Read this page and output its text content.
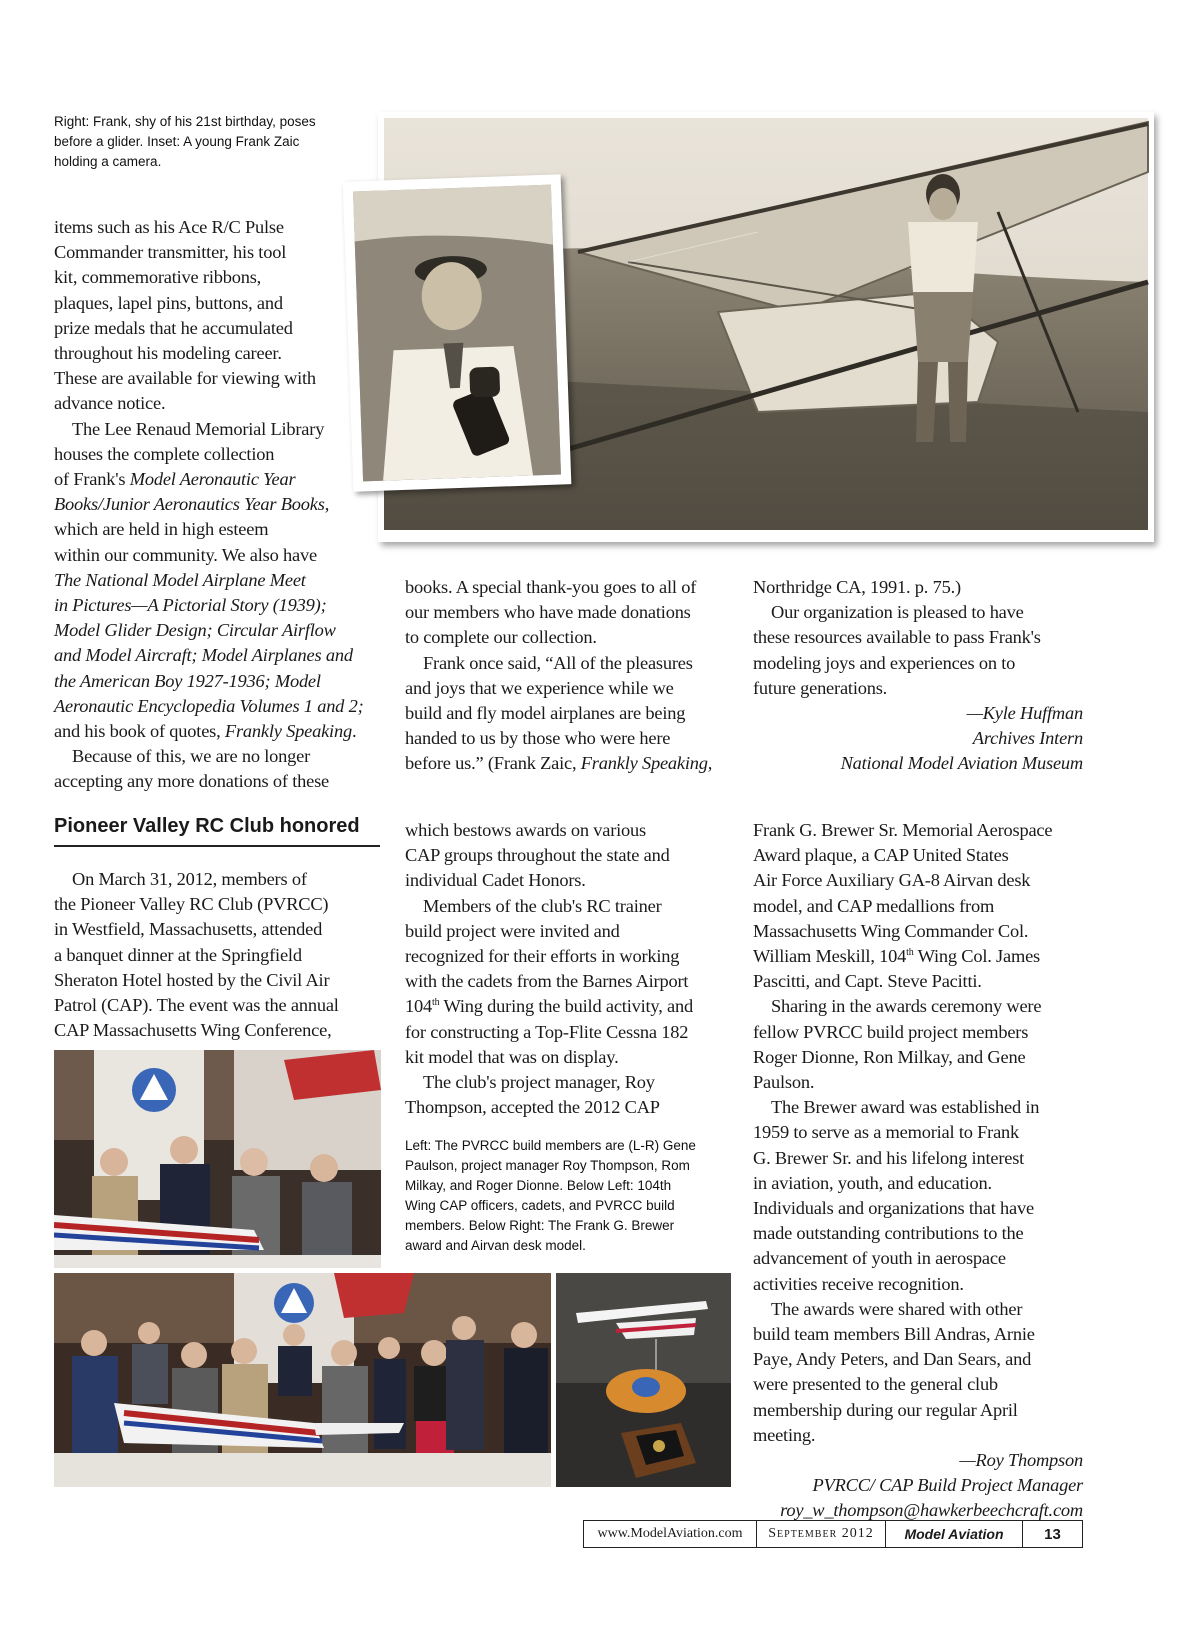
Right: Frank, shy of his 21st birthday, poses
before a glider. Inset: A young Frank Zaic
holding a camera.
items such as his Ace R/C Pulse
Commander transmitter, his tool
kit, commemorative ribbons,
plaques, lapel pins, buttons, and
prize medals that he accumulated
throughout his modeling career.
These are available for viewing with
advance notice.
The Lee Renaud Memorial Library
houses the complete collection
of Frank's Model Aeronautic Year
Books/Junior Aeronautics Year Books,
which are held in high esteem
within our community. We also have
The National Model Airplane Meet
in Pictures—A Pictorial Story (1939);
Model Glider Design; Circular Airflow
and Model Aircraft; Model Airplanes and
the American Boy 1927-1936; Model
Aeronautic Encyclopedia Volumes 1 and 2;
and his book of quotes, Frankly Speaking.
Because of this, we are no longer
accepting any more donations of these
books. A special thank-you goes to all of
our members who have made donations
to complete our collection.
Frank once said, “All of the pleasures
and joys that we experience while we
build and fly model airplanes are being
handed to us by those who were here
before us.” (Frank Zaic, Frankly Speaking,
Northridge CA, 1991. p. 75.)
Our organization is pleased to have
these resources available to pass Frank's
modeling joys and experiences on to
future generations.
—Kyle Huffman
Archives Intern
National Model Aviation Museum
Pioneer Valley RC Club honored
On March 31, 2012, members of
the Pioneer Valley RC Club (PVRCC)
in Westfield, Massachusetts, attended
a banquet dinner at the Springfield
Sheraton Hotel hosted by the Civil Air
Patrol (CAP). The event was the annual
CAP Massachusetts Wing Conference,
which bestows awards on various
CAP groups throughout the state and
individual Cadet Honors.
Members of the club's RC trainer
build project were invited and
recognized for their efforts in working
with the cadets from the Barnes Airport
104th Wing during the build activity, and
for constructing a Top-Flite Cessna 182
kit model that was on display.
The club's project manager, Roy
Thompson, accepted the 2012 CAP
Left: The PVRCC build members are (L-R) Gene
Paulson, project manager Roy Thompson, Rom
Milkay, and Roger Dionne. Below Left: 104th
Wing CAP officers, cadets, and PVRCC build
members. Below Right: The Frank G. Brewer
award and Airvan desk model.
Frank G. Brewer Sr. Memorial Aerospace
Award plaque, a CAP United States
Air Force Auxiliary GA-8 Airvan desk
model, and CAP medallions from
Massachusetts Wing Commander Col.
William Meskill, 104th Wing Col. James
Pascitti, and Capt. Steve Pacitti.
Sharing in the awards ceremony were
fellow PVRCC build project members
Roger Dionne, Ron Milkay, and Gene
Paulson.
The Brewer award was established in
1959 to serve as a memorial to Frank
G. Brewer Sr. and his lifelong interest
in aviation, youth, and education.
Individuals and organizations that have
made outstanding contributions to the
advancement of youth in aerospace
activities receive recognition.
The awards were shared with other
build team members Bill Andras, Arnie
Paye, Andy Peters, and Dan Sears, and
were presented to the general club
membership during our regular April
meeting.
—Roy Thompson
PVRCC/ CAP Build Project Manager
roy_w_thompson@hawkerbeechcraft.com
www.ModelAviation.com	September 2012	Model Aviation	13
